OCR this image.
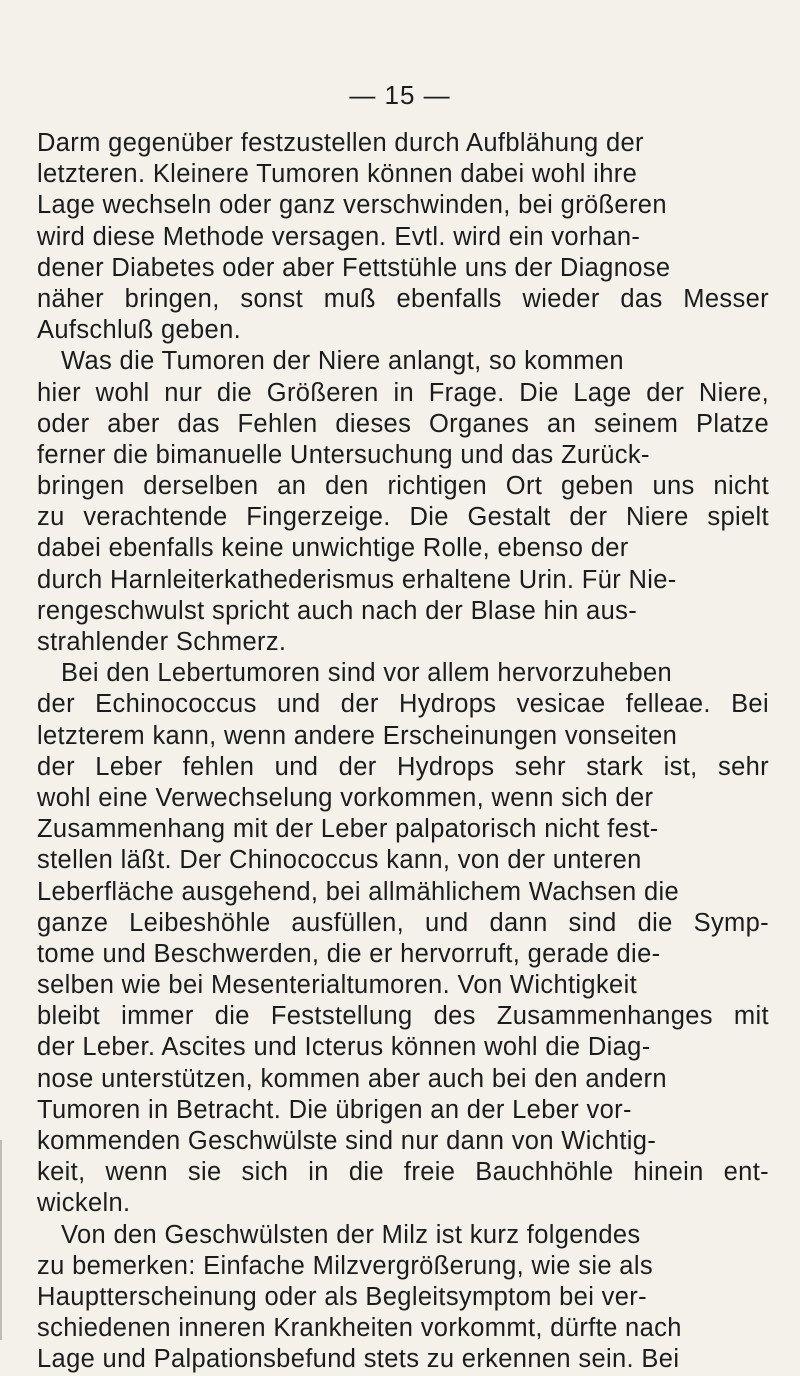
— 15 —
Darm gegenüber festzustellen durch Aufblähung der
letzteren. Kleinere Tumoren können dabei wohl ihre
Lage wechseln oder ganz verschwinden, bei größeren
wird diese Methode versagen. Evtl. wird ein vorhan-
dener Diabetes oder aber Fettstühle uns der Diagnose
näher bringen, sonst muß ebenfalls wieder das Messer
Aufschluß geben.
Was die Tumoren der Niere anlangt, so kommen
hier wohl nur die Größeren in Frage. Die Lage der Niere,
oder aber das Fehlen dieses Organes an seinem Platze
ferner die bimanuelle Untersuchung und das Zurück-
bringen derselben an den richtigen Ort geben uns nicht
zu verachtende Fingerzeige. Die Gestalt der Niere spielt
dabei ebenfalls keine unwichtige Rolle, ebenso der
durch Harnleiterkathederismus erhaltene Urin. Für Nie-
rengeschwulst spricht auch nach der Blase hin aus-
strahlender Schmerz.
Bei den Lebertumoren sind vor allem hervorzuheben
der Echinococcus und der Hydrops vesicae felleae. Bei
letzterem kann, wenn andere Erscheinungen vonseiten
der Leber fehlen und der Hydrops sehr stark ist, sehr
wohl eine Verwechselung vorkommen, wenn sich der
Zusammenhang mit der Leber palpatorisch nicht fest-
stellen läßt. Der Chinococcus kann, von der unteren
Leberfläche ausgehend, bei allmählichem Wachsen die
ganze Leibeshöhle ausfüllen, und dann sind die Symp-
tome und Beschwerden, die er hervorruft, gerade die-
selben wie bei Mesenterialtumoren. Von Wichtigkeit
bleibt immer die Feststellung des Zusammenhanges mit
der Leber. Ascites und Icterus können wohl die Diag-
nose unterstützen, kommen aber auch bei den andern
Tumoren in Betracht. Die übrigen an der Leber vor-
kommenden Geschwülste sind nur dann von Wichtig-
keit, wenn sie sich in die freie Bauchhöhle hinein ent-
wickeln.
Von den Geschwülsten der Milz ist kurz folgendes
zu bemerken: Einfache Milzvergrößerung, wie sie als
Hauptterscheinung oder als Begleitsymptom bei ver-
schiedenen inneren Krankheiten vorkommt, dürfte nach
Lage und Palpationsbefund stets zu erkennen sein. Bei
